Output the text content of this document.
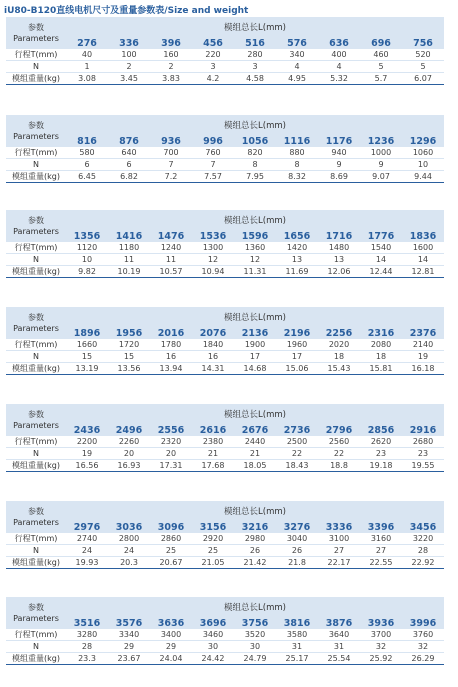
iU80-B120直线电机尺寸及重量参数表/Size and weight
参数
Parameters	模组总长L(mm)								
	276	336	396	456	516	576	636	696	756
行程T(mm)	40	100	160	220	280	340	400	460	520
N	1	2	2	3	3	4	4	5	5
模组重量(kg)	3.08	3.45	3.83	4.2	4.58	4.95	5.32	5.7	6.07
参数
Parameters	模组总长L(mm)								
	816	876	936	996	1056	1116	1176	1236	1296
行程T(mm)	580	640	700	760	820	880	940	1000	1060
N	6	6	7	7	8	8	9	9	10
模组重量(kg)	6.45	6.82	7.2	7.57	7.95	8.32	8.69	9.07	9.44
参数
Parameters	模组总长L(mm)								
	1356	1416	1476	1536	1596	1656	1716	1776	1836
行程T(mm)	1120	1180	1240	1300	1360	1420	1480	1540	1600
N	10	11	11	12	12	13	13	14	14
模组重量(kg)	9.82	10.19	10.57	10.94	11.31	11.69	12.06	12.44	12.81
参数
Parameters	模组总长L(mm)								
	1896	1956	2016	2076	2136	2196	2256	2316	2376
行程T(mm)	1660	1720	1780	1840	1900	1960	2020	2080	2140
N	15	15	16	16	17	17	18	18	19
模组重量(kg)	13.19	13.56	13.94	14.31	14.68	15.06	15.43	15.81	16.18
参数
Parameters	模组总长L(mm)								
	2436	2496	2556	2616	2676	2736	2796	2856	2916
行程T(mm)	2200	2260	2320	2380	2440	2500	2560	2620	2680
N	19	20	20	21	21	22	22	23	23
模组重量(kg)	16.56	16.93	17.31	17.68	18.05	18.43	18.8	19.18	19.55
参数
Parameters	模组总长L(mm)								
	2976	3036	3096	3156	3216	3276	3336	3396	3456
行程T(mm)	2740	2800	2860	2920	2980	3040	3100	3160	3220
N	24	24	25	25	26	26	27	27	28
模组重量(kg)	19.93	20.3	20.67	21.05	21.42	21.8	22.17	22.55	22.92
参数
Parameters	模组总长L(mm)								
	3516	3576	3636	3696	3756	3816	3876	3936	3996
行程T(mm)	3280	3340	3400	3460	3520	3580	3640	3700	3760
N	28	29	29	30	30	31	31	32	32
模组重量(kg)	23.3	23.67	24.04	24.42	24.79	25.17	25.54	25.92	26.29
